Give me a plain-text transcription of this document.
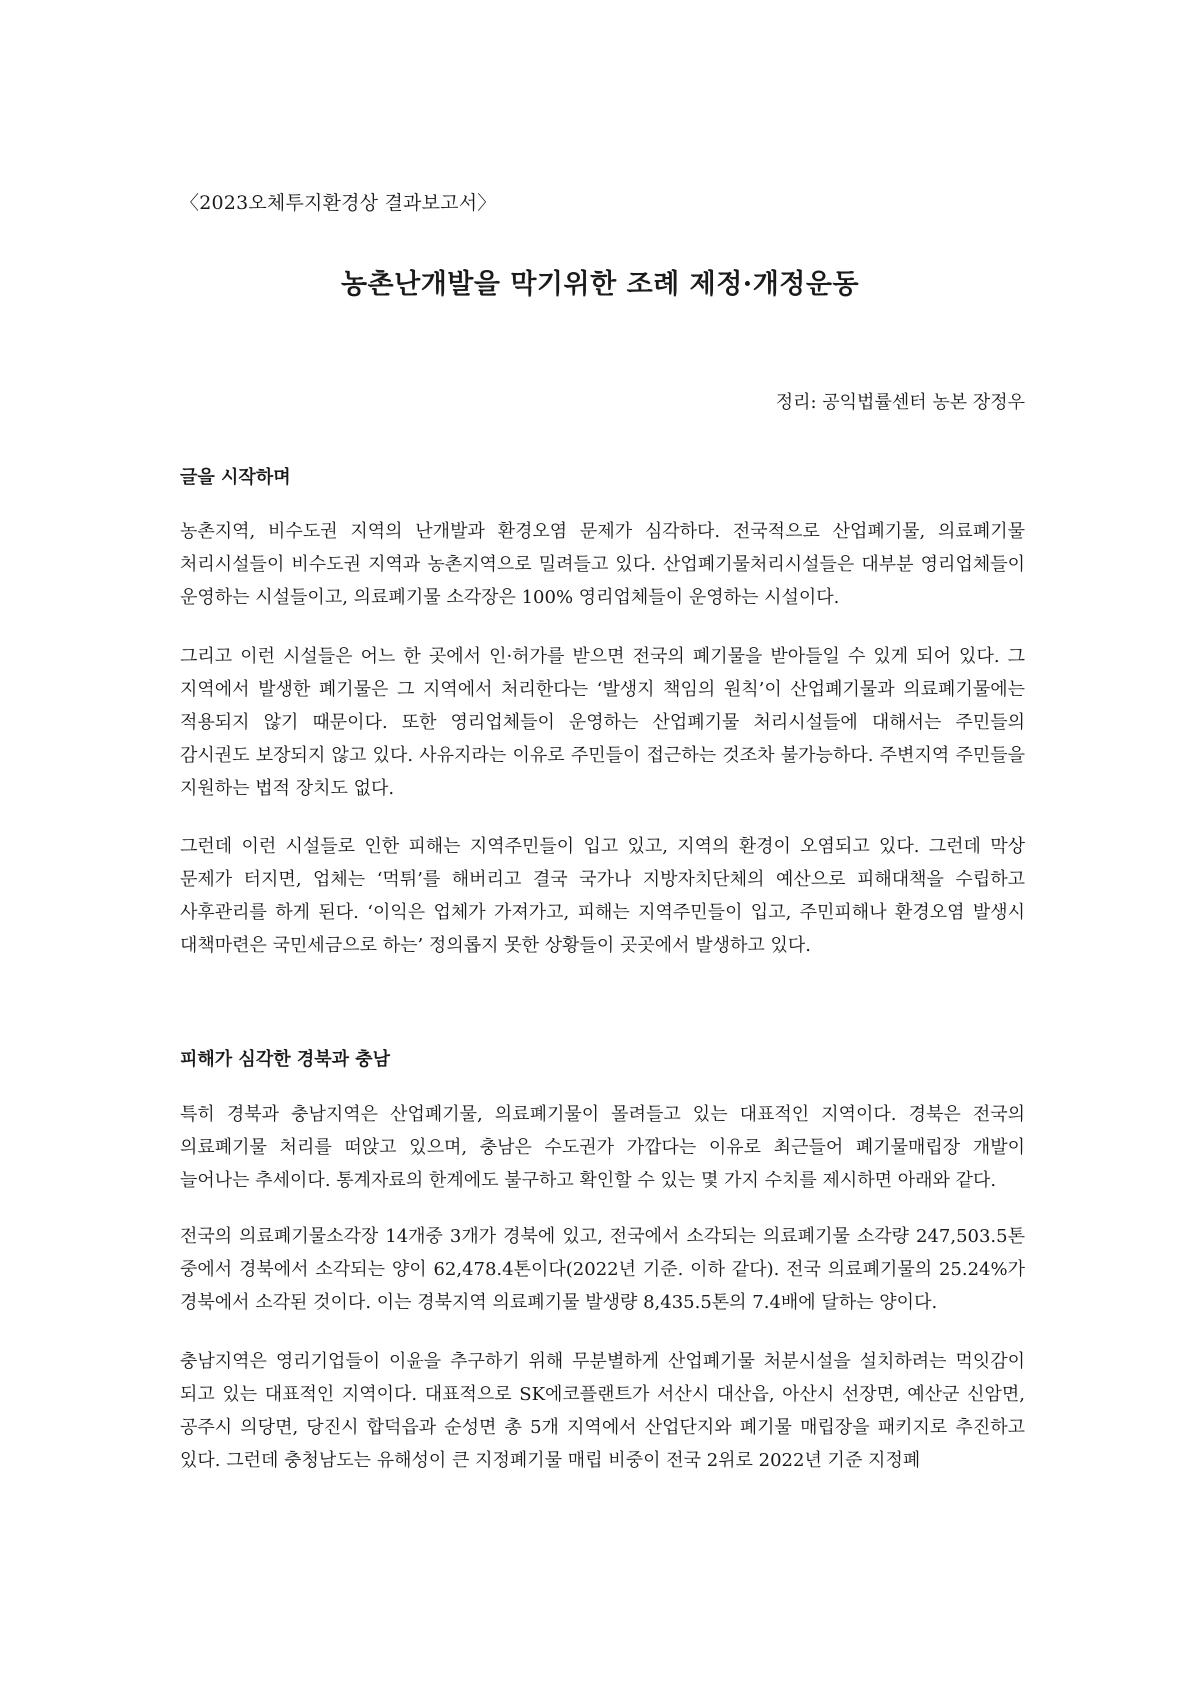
〈2023오체투지환경상 결과보고서〉
농촌난개발을 막기위한 조례 제정·개정운동
정리: 공익법률센터 농본 장정우
글을 시작하며

농촌지역, 비수도권 지역의 난개발과 환경오염 문제가 심각하다. 전국적으로 산업폐기물, 의료폐기물 처리시설들이 비수도권 지역과 농촌지역으로 밀려들고 있다. 산업폐기물처리시설들은 대부분 영리업체들이 운영하는 시설들이고, 의료폐기물 소각장은 100% 영리업체들이 운영하는 시설이다.

그리고 이런 시설들은 어느 한 곳에서 인·허가를 받으면 전국의 폐기물을 받아들일 수 있게 되어 있다. 그 지역에서 발생한 폐기물은 그 지역에서 처리한다는 ‘발생지 책임의 원칙’이 산업폐기물과 의료폐기물에는 적용되지 않기 때문이다. 또한 영리업체들이 운영하는 산업폐기물 처리시설들에 대해서는 주민들의 감시권도 보장되지 않고 있다. 사유지라는 이유로 주민들이 접근하는 것조차 불가능하다. 주변지역 주민들을 지원하는 법적 장치도 없다.

그런데 이런 시설들로 인한 피해는 지역주민들이 입고 있고, 지역의 환경이 오염되고 있다. 그런데 막상 문제가 터지면, 업체는 ‘먹튀’를 해버리고 결국 국가나 지방자치단체의 예산으로 피해대책을 수립하고 사후관리를 하게 된다. ‘이익은 업체가 가져가고, 피해는 지역주민들이 입고, 주민피해나 환경오염 발생시 대책마련은 국민세금으로 하는’ 정의롭지 못한 상황들이 곳곳에서 발생하고 있다.

피해가 심각한 경북과 충남

특히 경북과 충남지역은 산업폐기물, 의료폐기물이 몰려들고 있는 대표적인 지역이다. 경북은 전국의 의료폐기물 처리를 떠앉고 있으며, 충남은 수도권가 가깝다는 이유로 최근들어 폐기물매립장 개발이 늘어나는 추세이다. 통계자료의 한계에도 불구하고 확인할 수 있는 몇 가지 수치를 제시하면 아래와 같다.

전국의 의료폐기물소각장 14개중 3개가 경북에 있고, 전국에서 소각되는 의료폐기물 소각량 247,503.5톤 중에서 경북에서 소각되는 양이 62,478.4톤이다(2022년 기준. 이하 같다). 전국 의료폐기물의 25.24%가 경북에서 소각된 것이다. 이는 경북지역 의료폐기물 발생량 8,435.5톤의 7.4배에 달하는 양이다.

충남지역은 영리기업들이 이윤을 추구하기 위해 무분별하게 산업폐기물 처분시설을 설치하려는 먹잇감이 되고 있는 대표적인 지역이다. 대표적으로 SK에코플랜트가 서산시 대산읍, 아산시 선장면, 예산군 신암면, 공주시 의당면, 당진시 합덕읍과 순성면 총 5개 지역에서 산업단지와 폐기물 매립장을 패키지로 추진하고 있다. 그런데 충청남도는 유해성이 큰 지정폐기물 매립 비중이 전국 2위로 2022년 기준 지정폐
